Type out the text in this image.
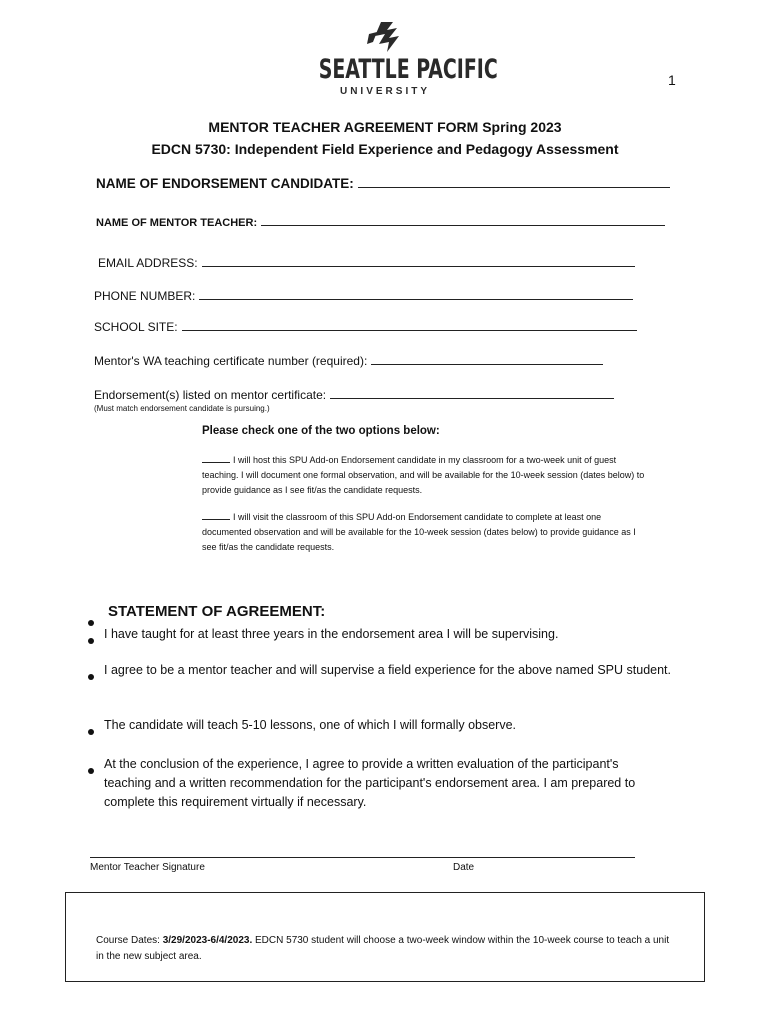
SEATTLE PACIFIC
UNIVERSITY
1
MENTOR TEACHER AGREEMENT FORM Spring 2023
EDCN 5730: Independent Field Experience and Pedagogy Assessment
NAME OF ENDORSEMENT CANDIDATE:
NAME OF MENTOR TEACHER:
EMAIL ADDRESS:
PHONE NUMBER:
SCHOOL SITE:
Mentor's WA teaching certificate number (required):
Endorsement(s) listed on mentor certificate:
(Must match endorsement candidate is pursuing.)
Please check one of the two options below:
I will host this SPU Add-on Endorsement candidate in my classroom for a two-week unit of guest teaching. I will document one formal observation, and will be available for the 10-week session (dates below) to provide guidance as I see fit/as the candidate requests.
I will visit the classroom of this SPU Add-on Endorsement candidate to complete at least one documented observation and will be available for the 10-week session (dates below) to provide guidance as I see fit/as the candidate requests.
STATEMENT OF AGREEMENT:
I have taught for at least three years in the endorsement area I will be supervising.
I agree to be a mentor teacher and will supervise a field experience for the above named SPU student.
The candidate will teach 5-10 lessons, one of which I will formally observe.
At the conclusion of the experience, I agree to provide a written evaluation of the participant's teaching and a written recommendation for the participant's endorsement area. I am prepared to complete this requirement virtually if necessary.
Mentor Teacher Signature	Date
Course Dates: 3/29/2023-6/4/2023. EDCN 5730 student will choose a two-week window within the 10-week course to teach a unit in the new subject area.
